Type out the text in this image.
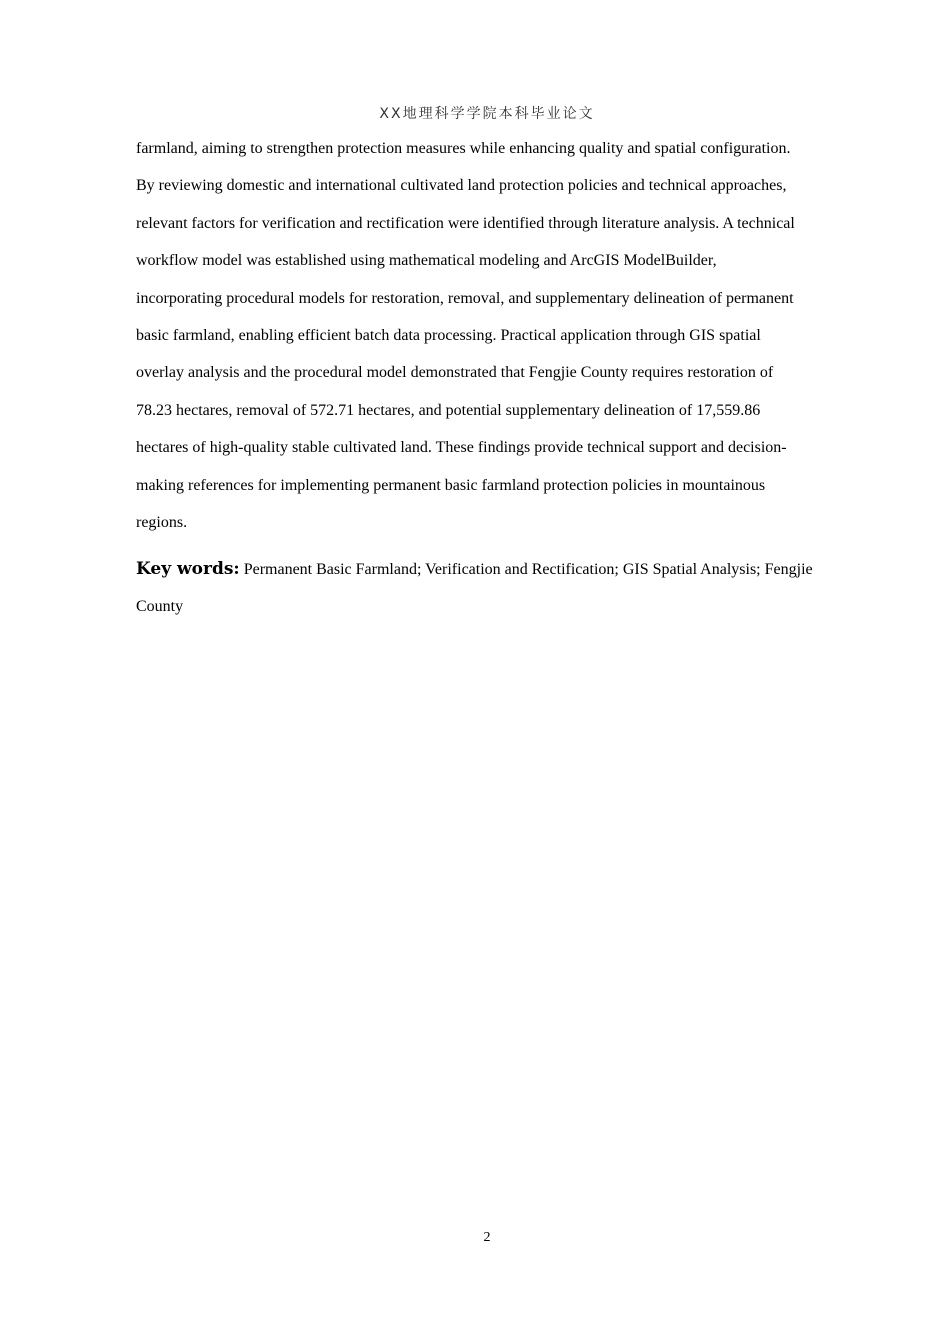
XX地理科学学院本科毕业论文
farmland, aiming to strengthen protection measures while enhancing quality and spatial configuration.
By reviewing domestic and international cultivated land protection policies and technical approaches,
relevant factors for verification and rectification were identified through literature analysis. A technical
workflow model was established using mathematical modeling and ArcGIS ModelBuilder,
incorporating procedural models for restoration, removal, and supplementary delineation of permanent
basic farmland, enabling efficient batch data processing. Practical application through GIS spatial
overlay analysis and the procedural model demonstrated that Fengjie County requires restoration of
78.23 hectares, removal of 572.71 hectares, and potential supplementary delineation of 17,559.86
hectares of high-quality stable cultivated land. These findings provide technical support and decision-
making references for implementing permanent basic farmland protection policies in mountainous
regions.
Key words: Permanent Basic Farmland; Verification and Rectification; GIS Spatial Analysis; Fengjie
County
2
